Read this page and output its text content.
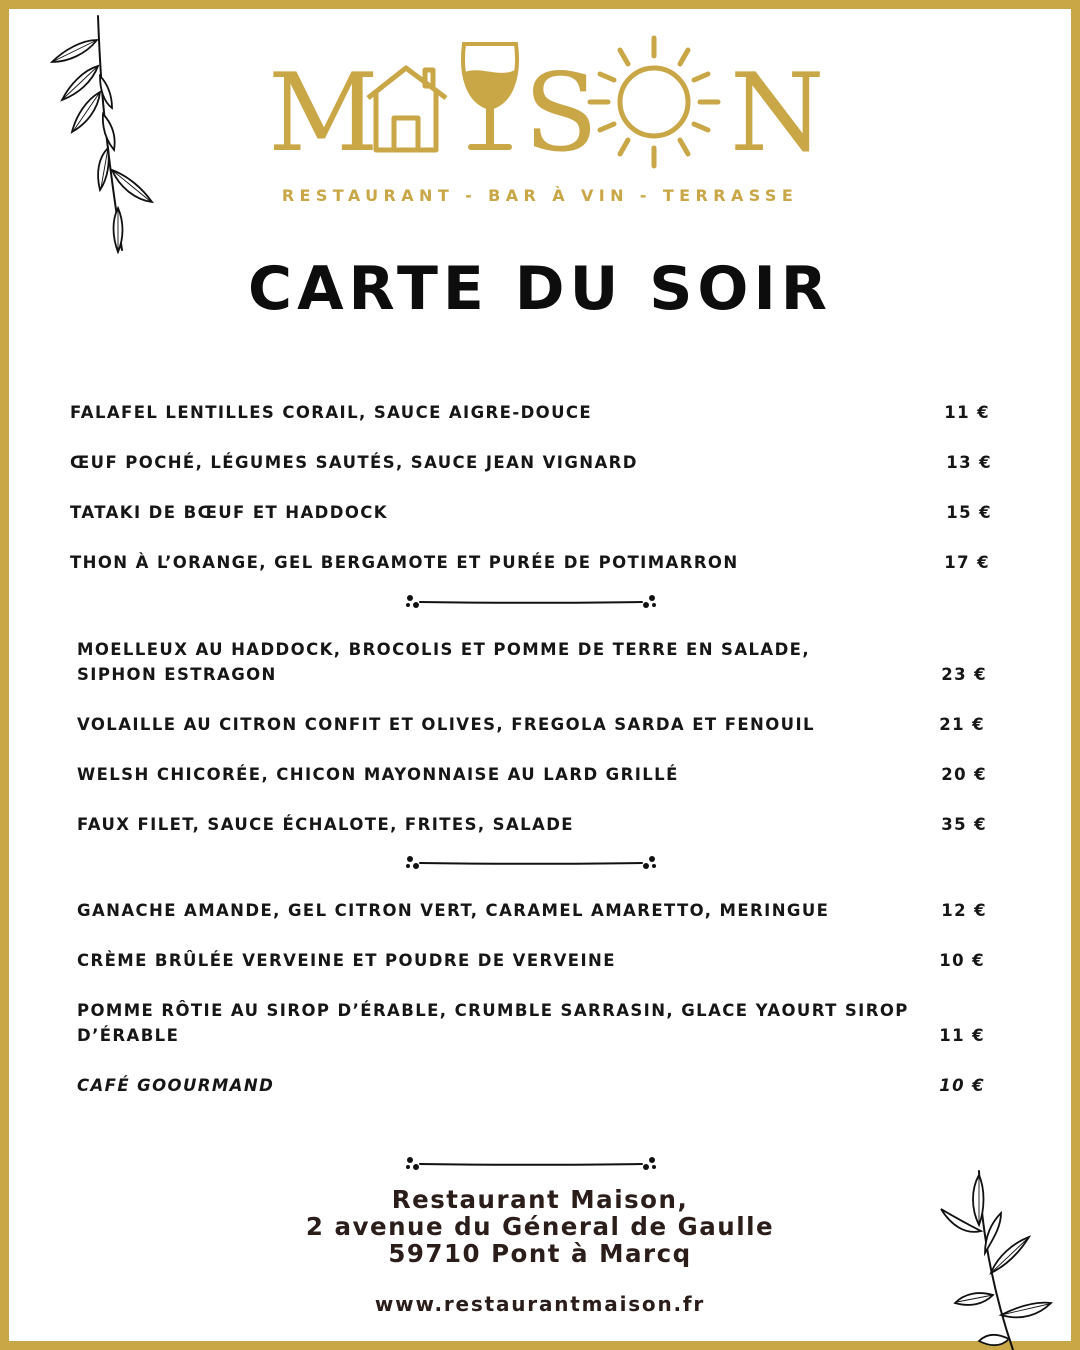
M S N
RESTAURANT - BAR À VIN - TERRASSE
CARTE DU SOIR
FALAFEL LENTILLES CORAIL, SAUCE AIGRE-DOUCE	11 €
ŒUF POCHÉ, LÉGUMES SAUTÉS, SAUCE JEAN VIGNARD	13 €
TATAKI DE BŒUF ET HADDOCK	15 €
THON À L’ORANGE, GEL BERGAMOTE ET PURÉE DE POTIMARRON	17 €
MOELLEUX AU HADDOCK, BROCOLIS ET POMME DE TERRE EN SALADE,
SIPHON ESTRAGON	23 €
VOLAILLE AU CITRON CONFIT ET OLIVES, FREGOLA SARDA ET FENOUIL	21 €
WELSH CHICORÉE, CHICON MAYONNAISE AU LARD GRILLÉ	20 €
FAUX FILET, SAUCE ÉCHALOTE, FRITES, SALADE	35 €
GANACHE AMANDE, GEL CITRON VERT, CARAMEL AMARETTO, MERINGUE	12 €
CRÈME BRÛLÉE VERVEINE ET POUDRE DE VERVEINE	10 €
POMME RÔTIE AU SIROP D’ÉRABLE, CRUMBLE SARRASIN, GLACE YAOURT SIROP
D’ÉRABLE	11 €
CAFÉ GOOURMAND	10 €
Restaurant Maison,
2 avenue du Géneral de Gaulle
59710 Pont à Marcq
www.restaurantmaison.fr
